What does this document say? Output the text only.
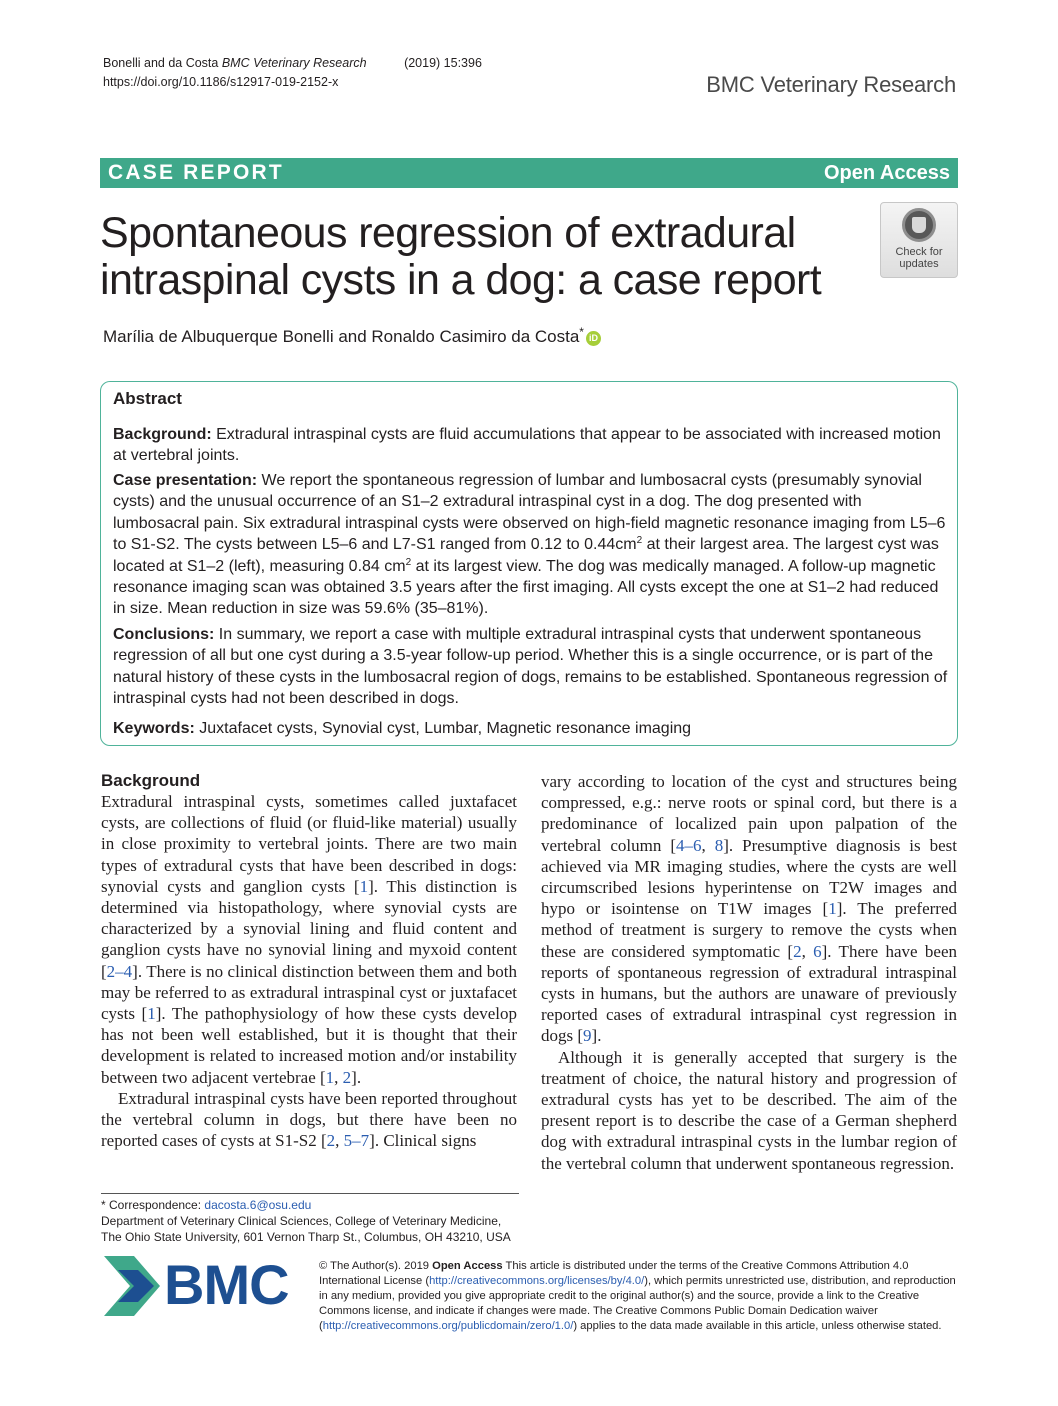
Bonelli and da Costa BMC Veterinary Research	(2019) 15:396
https://doi.org/10.1186/s12917-019-2152-x	BMC Veterinary Research
CASE REPORT	Open Access
Spontaneous regression of extradural
intraspinal cysts in a dog: a case report
Check for
updates
Marília de Albuquerque Bonelli and Ronaldo Casimiro da Costa* iD
Abstract
Background: Extradural intraspinal cysts are fluid accumulations that appear to be associated with increased motion at vertebral joints.
Case presentation: We report the spontaneous regression of lumbar and lumbosacral cysts (presumably synovial cysts) and the unusual occurrence of an S1–2 extradural intraspinal cyst in a dog. The dog presented with lumbosacral pain. Six extradural intraspinal cysts were observed on high-field magnetic resonance imaging from L5–6 to S1-S2. The cysts between L5–6 and L7-S1 ranged from 0.12 to $0.44cm^2$ at their largest area. The largest cyst was located at S1–2 (left), measuring 0.84 $cm^2$ at its largest view. The dog was medically managed. A follow-up magnetic resonance imaging scan was obtained 3.5 years after the first imaging. All cysts except the one at S1–2 had reduced in size. Mean reduction in size was 59.6% (35–81%).
Conclusions: In summary, we report a case with multiple extradural intraspinal cysts that underwent spontaneous regression of all but one cyst during a 3.5-year follow-up period. Whether this is a single occurrence, or is part of the natural history of these cysts in the lumbosacral region of dogs, remains to be established. Spontaneous regression of intraspinal cysts had not been described in dogs.
Keywords: Juxtafacet cysts, Synovial cyst, Lumbar, Magnetic resonance imaging
Background

Extradural intraspinal cysts, sometimes called juxtafacet cysts, are collections of fluid (or fluid-like material) usually in close proximity to vertebral joints. There are two main types of extradural cysts that have been described in dogs: synovial cysts and ganglion cysts [1]. This distinction is determined via histopathology, where synovial cysts are characterized by a synovial lining and fluid content and ganglion cysts have no synovial lining and myxoid content [2–4]. There is no clinical distinction between them and both may be referred to as extradural intraspinal cyst or juxtafacet cysts [1]. The pathophysiology of how these cysts develop has not been well established, but it is thought that their development is related to increased motion and/or instability between two adjacent vertebrae [1, 2].

Extradural intraspinal cysts have been reported throughout the vertebral column in dogs, but there have been no reported cases of cysts at S1-S2 [2, 5–7]. Clinical signs

vary according to location of the cyst and structures being compressed, e.g.: nerve roots or spinal cord, but there is a predominance of localized pain upon palpation of the vertebral column [4–6, 8]. Presumptive diagnosis is best achieved via MR imaging studies, where the cysts are well circumscribed lesions hyperintense on T2W images and hypo or isointense on T1W images [1]. The preferred method of treatment is surgery to remove the cysts when these are considered symptomatic [2, 6]. There have been reports of spontaneous regression of extradural intraspinal cysts in humans, but the authors are unaware of previously reported cases of extradural intraspinal cyst regression in dogs [9].

Although it is generally accepted that surgery is the treatment of choice, the natural history and progression of extradural cysts has yet to be described. The aim of the present report is to describe the case of a German shepherd dog with extradural intraspinal cysts in the lumbar region of the vertebral column that underwent spontaneous regression.

* Correspondence: dacosta.6@osu.edu
Department of Veterinary Clinical Sciences, College of Veterinary Medicine,
The Ohio State University, 601 Vernon Tharp St., Columbus, OH 43210, USA
BMC	© The Author(s). 2019 Open Access This article is distributed under the terms of the Creative Commons Attribution 4.0 International License (http://creativecommons.org/licenses/by/4.0/), which permits unrestricted use, distribution, and reproduction in any medium, provided you give appropriate credit to the original author(s) and the source, provide a link to the Creative Commons license, and indicate if changes were made. The Creative Commons Public Domain Dedication waiver (http://creativecommons.org/publicdomain/zero/1.0/) applies to the data made available in this article, unless otherwise stated.
